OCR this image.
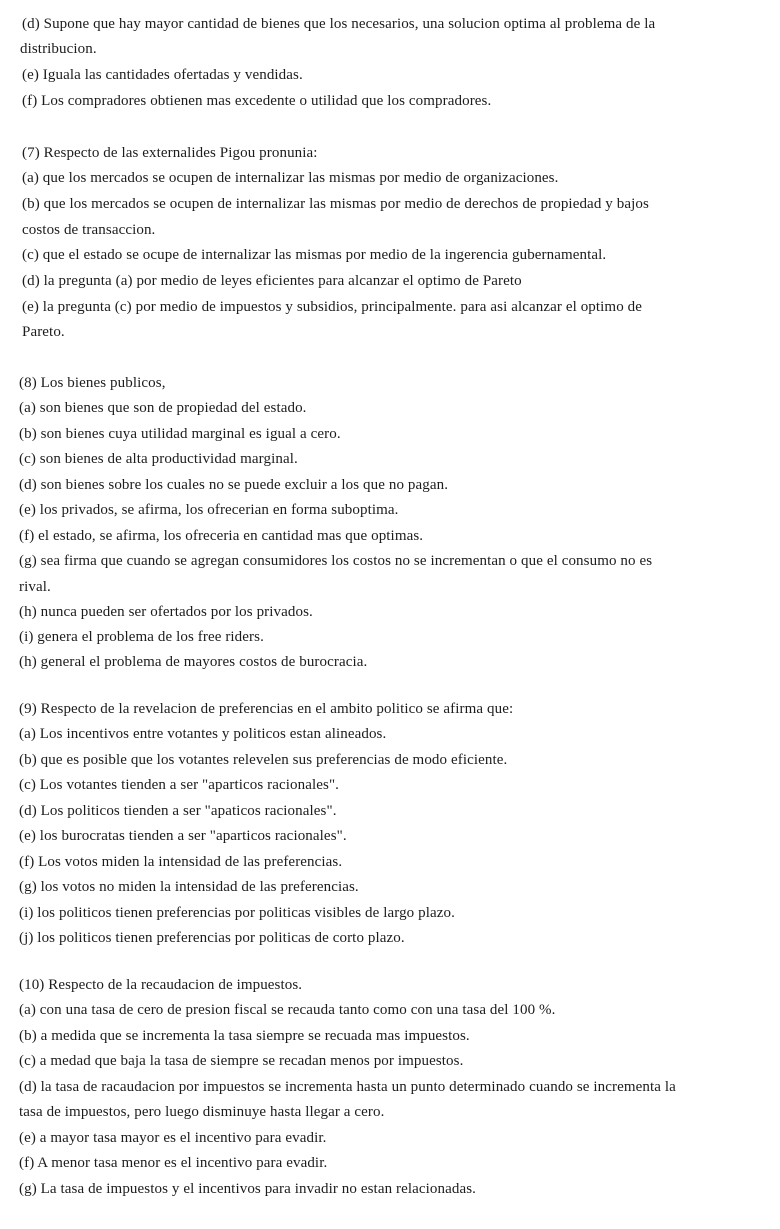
(d) Supone que hay mayor cantidad de bienes que los necesarios, una solucion optima al problema de la
distribucion.
(e) Iguala las cantidades ofertadas y vendidas.
(f) Los compradores obtienen mas excedente o utilidad que los compradores.
(7) Respecto de las externalides Pigou pronunia:
(a) que los mercados se ocupen de internalizar las mismas por medio de organizaciones.
(b) que los mercados se ocupen de internalizar las mismas por medio de derechos de propiedad y bajos
costos de transaccion.
(c) que el estado se ocupe de internalizar las mismas por medio de la ingerencia gubernamental.
(d) la pregunta (a) por medio de leyes eficientes para alcanzar el optimo de Pareto
(e) la pregunta (c) por medio de impuestos y subsidios, principalmente. para asi alcanzar el optimo de
Pareto.
(8) Los bienes publicos,
(a) son bienes que son de propiedad del estado.
(b) son bienes cuya utilidad marginal es igual a cero.
(c) son bienes de alta productividad marginal.
(d) son bienes sobre los cuales no se puede excluir a los que no pagan.
(e) los privados, se afirma, los ofrecerian en forma suboptima.
(f) el estado, se afirma, los ofreceria en cantidad mas que optimas.
(g) sea firma que cuando se agregan consumidores los costos no se incrementan o que el consumo no es
rival.
(h) nunca pueden ser ofertados por los privados.
(i) genera el problema de los free riders.
(h) general el problema de mayores costos de burocracia.
(9) Respecto de la revelacion de preferencias en el ambito politico se afirma que:
(a) Los incentivos entre votantes y politicos estan alineados.
(b) que es posible que los votantes relevelen sus preferencias de modo eficiente.
(c) Los votantes tienden a ser "aparticos racionales".
(d) Los politicos tienden a ser "apaticos racionales".
(e) los burocratas tienden a ser "aparticos racionales".
(f) Los votos miden la intensidad de las preferencias.
(g) los votos no miden la intensidad de las preferencias.
(i) los politicos tienen preferencias por politicas visibles de largo plazo.
(j) los politicos tienen preferencias por politicas de corto plazo.
(10) Respecto de la recaudacion de impuestos.
(a) con una tasa de cero de presion fiscal se recauda tanto como con una tasa del 100 %.
(b) a medida que se incrementa la tasa siempre se recuada mas impuestos.
(c) a medad que baja la tasa de siempre se recadan menos por impuestos.
(d) la tasa de racaudacion por impuestos se incrementa hasta un punto determinado cuando se incrementa la
tasa de impuestos, pero luego disminuye hasta llegar a cero.
(e) a mayor tasa mayor es el incentivo para evadir.
(f) A menor tasa menor es el incentivo para evadir.
(g) La tasa de impuestos y el incentivos para invadir no estan relacionadas.
